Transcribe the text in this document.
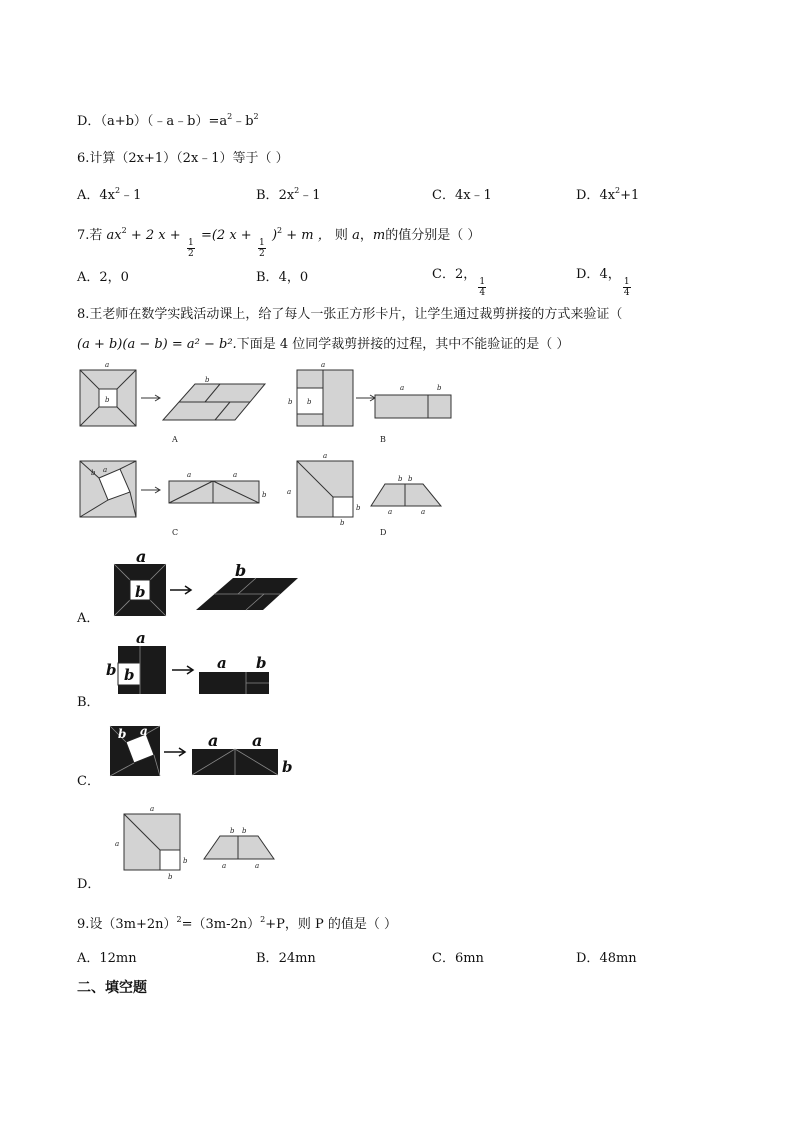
D．$(a+b)(﹣a﹣b)=a^2﹣b^2$
6.计算（2x+1）（2x﹣1）等于（ ）
A．$4x^2﹣1$	B．$2x^2﹣1$	C．4x﹣1	D．$4x^2+1$
7.若 $ax^2 + 2$ x +
$\frac{1}{2}$
=(2 x +
$\frac{1}{2}$
)$^2$ + m ， 则 a，m的值分别是（ ）
A．2，0	B．4，0	C．2，
$\frac{1}{4}$
D．4，
$\frac{1}{4}$
8.王老师在数学实践活动课上，给了每人一张正方形卡片，让学生通过裁剪拼接的方式来验证（
(a + b)(a − b) = a² − b².下面是 4 位同学裁剪拼接的过程，其中不能验证的是（ ）
a
b
b
a
b b
a	b
b a
a	a
b
a
a
b
b
b b
a	a
A	B
C	D
A．
a
b
b
B．
a
b b
a b
C．
b a	a a
b
D．
a
a
b
b
b b
a	a
9.设$(3m+2n)^2=(3m-2n)^2+P$，则 P 的值是（ ）
A．12mn	B．24mn	C．6mn	D．48mn
二、填空题
